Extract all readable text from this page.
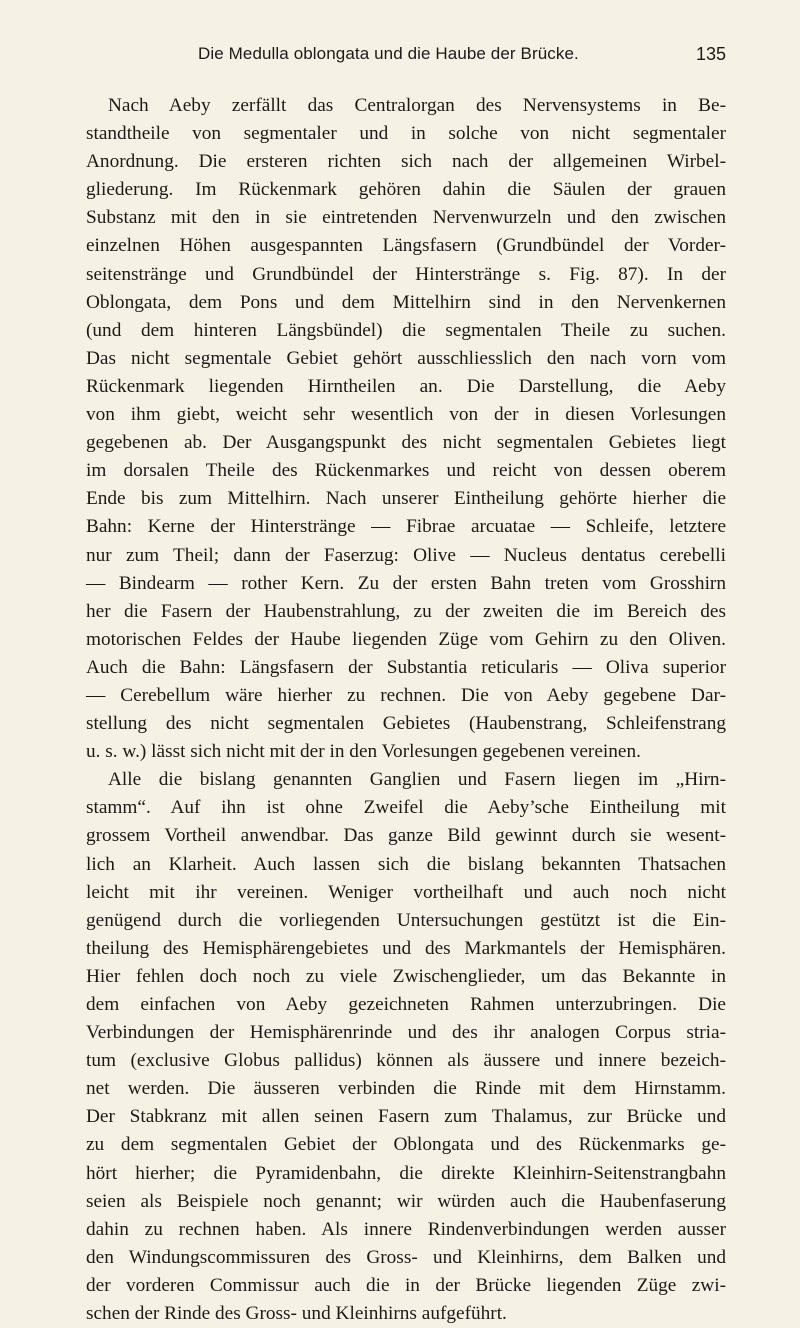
Die Medulla oblongata und die Haube der Brücke.	135
Nach Aeby zerfällt das Centralorgan des Nervensystems in Be-
standtheile von segmentaler und in solche von nicht segmentaler
Anordnung. Die ersteren richten sich nach der allgemeinen Wirbel-
gliederung. Im Rückenmark gehören dahin die Säulen der grauen
Substanz mit den in sie eintretenden Nervenwurzeln und den zwischen
einzelnen Höhen ausgespannten Längsfasern (Grundbündel der Vorder-
seitenstränge und Grundbündel der Hinterstränge s. Fig. 87). In der
Oblongata, dem Pons und dem Mittelhirn sind in den Nervenkernen
(und dem hinteren Längsbündel) die segmentalen Theile zu suchen.
Das nicht segmentale Gebiet gehört ausschliesslich den nach vorn vom
Rückenmark liegenden Hirntheilen an. Die Darstellung, die Aeby
von ihm giebt, weicht sehr wesentlich von der in diesen Vorlesungen
gegebenen ab. Der Ausgangspunkt des nicht segmentalen Gebietes liegt
im dorsalen Theile des Rückenmarkes und reicht von dessen oberem
Ende bis zum Mittelhirn. Nach unserer Eintheilung gehörte hierher die
Bahn: Kerne der Hinterstränge — Fibrae arcuatae — Schleife, letztere
nur zum Theil; dann der Faserzug: Olive — Nucleus dentatus cerebelli
— Bindearm — rother Kern. Zu der ersten Bahn treten vom Grosshirn
her die Fasern der Haubenstrahlung, zu der zweiten die im Bereich des
motorischen Feldes der Haube liegenden Züge vom Gehirn zu den Oliven.
Auch die Bahn: Längsfasern der Substantia reticularis — Oliva superior
— Cerebellum wäre hierher zu rechnen. Die von Aeby gegebene Dar-
stellung des nicht segmentalen Gebietes (Haubenstrang, Schleifenstrang
u. s. w.) lässt sich nicht mit der in den Vorlesungen gegebenen vereinen.
Alle die bislang genannten Ganglien und Fasern liegen im „Hirn-
stamm“. Auf ihn ist ohne Zweifel die Aeby’sche Eintheilung mit
grossem Vortheil anwendbar. Das ganze Bild gewinnt durch sie wesent-
lich an Klarheit. Auch lassen sich die bislang bekannten Thatsachen
leicht mit ihr vereinen. Weniger vortheilhaft und auch noch nicht
genügend durch die vorliegenden Untersuchungen gestützt ist die Ein-
theilung des Hemisphärengebietes und des Markmantels der Hemisphären.
Hier fehlen doch noch zu viele Zwischenglieder, um das Bekannte in
dem einfachen von Aeby gezeichneten Rahmen unterzubringen. Die
Verbindungen der Hemisphärenrinde und des ihr analogen Corpus stria-
tum (exclusive Globus pallidus) können als äussere und innere bezeich-
net werden. Die äusseren verbinden die Rinde mit dem Hirnstamm.
Der Stabkranz mit allen seinen Fasern zum Thalamus, zur Brücke und
zu dem segmentalen Gebiet der Oblongata und des Rückenmarks ge-
hört hierher; die Pyramidenbahn, die direkte Kleinhirn-Seitenstrangbahn
seien als Beispiele noch genannt; wir würden auch die Haubenfaserung
dahin zu rechnen haben. Als innere Rindenverbindungen werden ausser
den Windungscommissuren des Gross- und Kleinhirns, dem Balken und
der vorderen Commissur auch die in der Brücke liegenden Züge zwi-
schen der Rinde des Gross- und Kleinhirns aufgeführt.
